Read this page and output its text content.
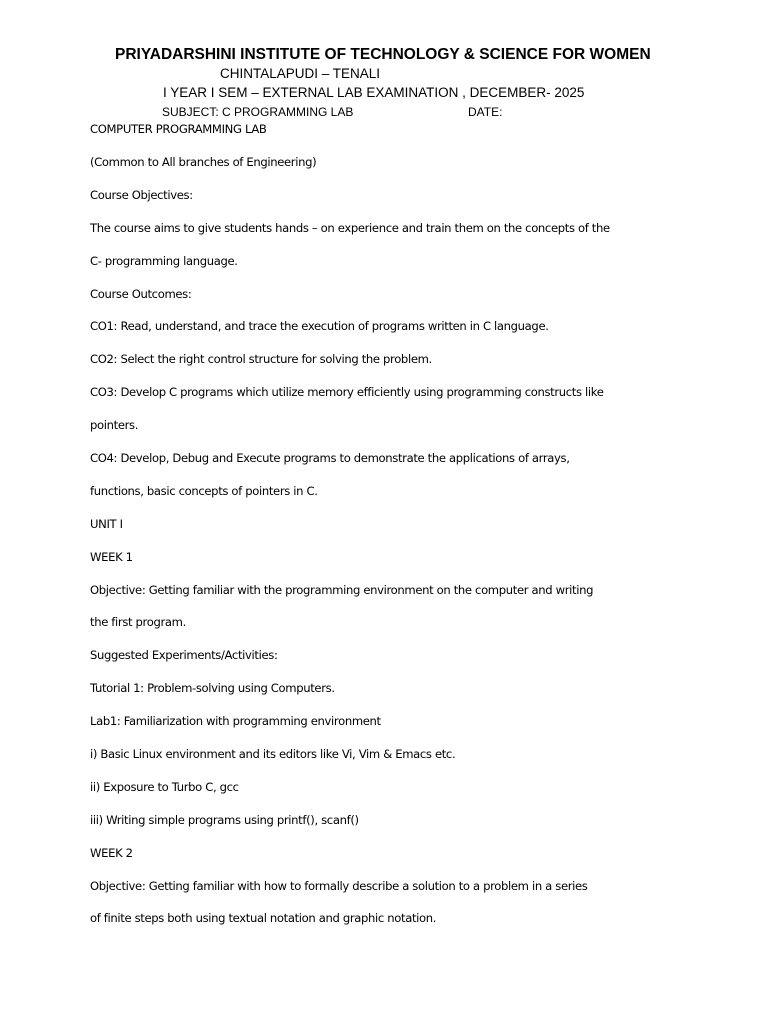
PRIYADARSHINI INSTITUTE OF TECHNOLOGY & SCIENCE FOR WOMEN
CHINTALAPUDI – TENALI
I YEAR I SEM – EXTERNAL LAB EXAMINATION , DECEMBER- 2025
SUBJECT: C PROGRAMMING LAB	DATE:
COMPUTER PROGRAMMING LAB
(Common to All branches of Engineering)
Course Objectives:
The course aims to give students hands – on experience and train them on the concepts of the
C- programming language.
Course Outcomes:
CO1: Read, understand, and trace the execution of programs written in C language.
CO2: Select the right control structure for solving the problem.
CO3: Develop C programs which utilize memory efficiently using programming constructs like
pointers.
CO4: Develop, Debug and Execute programs to demonstrate the applications of arrays,
functions, basic concepts of pointers in C.
UNIT I
WEEK 1
Objective: Getting familiar with the programming environment on the computer and writing
the first program.
Suggested Experiments/Activities:
Tutorial 1: Problem-solving using Computers.
Lab1: Familiarization with programming environment
i) Basic Linux environment and its editors like Vi, Vim & Emacs etc.
ii) Exposure to Turbo C, gcc
iii) Writing simple programs using printf(), scanf()
WEEK 2
Objective: Getting familiar with how to formally describe a solution to a problem in a series
of finite steps both using textual notation and graphic notation.
